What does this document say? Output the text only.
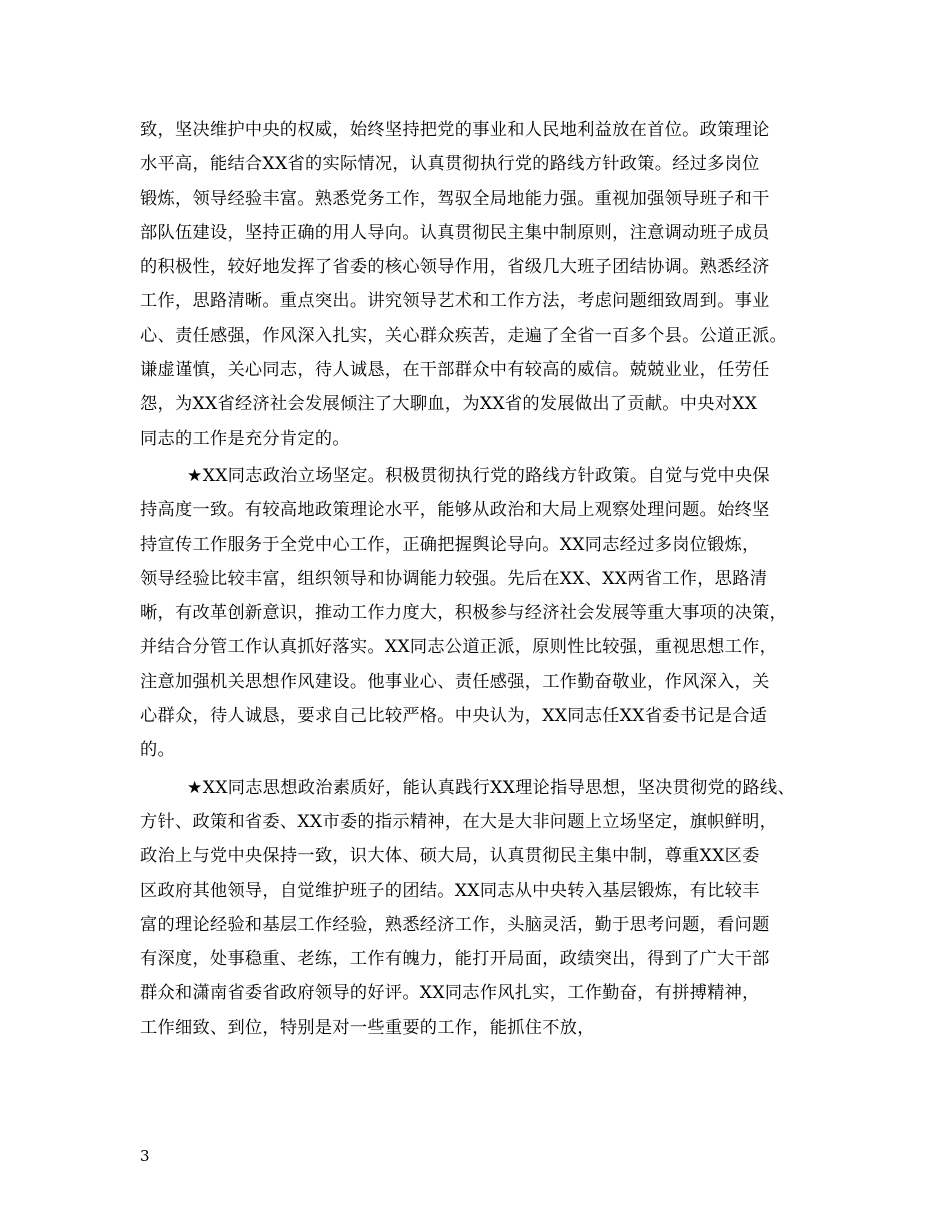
致，坚决维护中央的权威，始终坚持把党的事业和人民地利益放在首位。政策理论
水平高，能结合XX省的实际情况，认真贯彻执行党的路线方针政策。经过多岗位
锻炼，领导经验丰富。熟悉党务工作，驾驭全局地能力强。重视加强领导班子和干
部队伍建设，坚持正确的用人导向。认真贯彻民主集中制原则，注意调动班子成员
的积极性，较好地发挥了省委的核心领导作用，省级几大班子团结协调。熟悉经济
工作，思路清晰。重点突出。讲究领导艺术和工作方法，考虑问题细致周到。事业
心、责任感强，作风深入扎实，关心群众疾苦，走遍了全省一百多个县。公道正派。
谦虚谨慎，关心同志，待人诚恳，在干部群众中有较高的威信。兢兢业业，任劳任
怨，为XX省经济社会发展倾注了大聊血，为XX省的发展做出了贡献。中央对XX
同志的工作是充分肯定的。
★XX同志政治立场坚定。积极贯彻执行党的路线方针政策。自觉与党中央保
持高度一致。有较高地政策理论水平，能够从政治和大局上观察处理问题。始终坚
持宣传工作服务于全党中心工作，正确把握舆论导向。XX同志经过多岗位锻炼，
领导经验比较丰富，组织领导和协调能力较强。先后在XX、XX两省工作，思路清
晰，有改革创新意识，推动工作力度大，积极参与经济社会发展等重大事项的决策，
并结合分管工作认真抓好落实。XX同志公道正派，原则性比较强，重视思想工作，
注意加强机关思想作风建设。他事业心、责任感强，工作勤奋敬业，作风深入，关
心群众，待人诚恳，要求自己比较严格。中央认为，XX同志任XX省委书记是合适
的。
★XX同志思想政治素质好，能认真践行XX理论指导思想，坚决贯彻党的路线、
方针、政策和省委、XX市委的指示精神，在大是大非问题上立场坚定，旗帜鲜明，
政治上与党中央保持一致，识大体、硕大局，认真贯彻民主集中制，尊重XX区委
区政府其他领导，自觉维护班子的团结。XX同志从中央转入基层锻炼，有比较丰
富的理论经验和基层工作经验，熟悉经济工作，头脑灵活，勤于思考问题，看问题
有深度，处事稳重、老练，工作有魄力，能打开局面，政绩突出，得到了广大干部
群众和潇南省委省政府领导的好评。XX同志作风扎实，工作勤奋，有拼搏精神，
工作细致、到位，特别是对一些重要的工作，能抓住不放，
3
